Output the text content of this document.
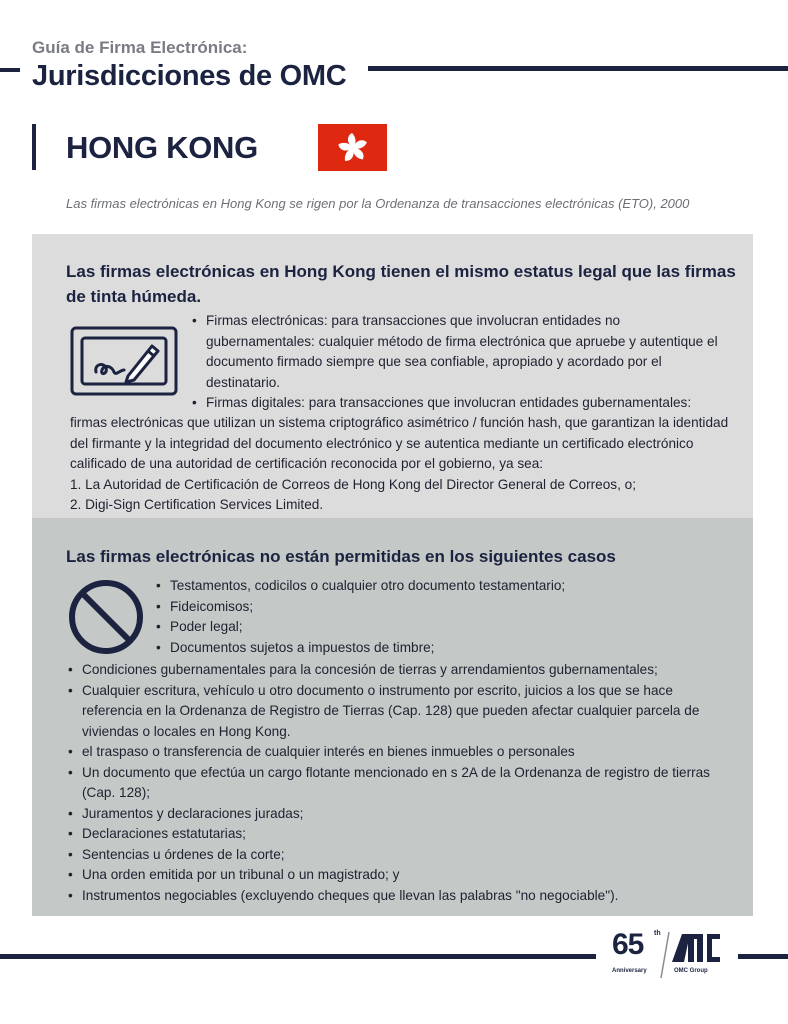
Guía de Firma Electrónica:
Jurisdicciones de OMC
HONG KONG
Las firmas electrónicas en Hong Kong se rigen por la Ordenanza de transacciones electrónicas (ETO), 2000
Las firmas electrónicas en Hong Kong tienen el mismo estatus legal que las firmas de tinta húmeda.
• Firmas electrónicas: para transacciones que involucran entidades no gubernamentales: cualquier método de firma electrónica que apruebe y autentique el documento firmado siempre que sea confiable, apropiado y acordado por el destinatario.
• Firmas digitales: para transacciones que involucran entidades gubernamentales:

firmas electrónicas que utilizan un sistema criptográfico asimétrico / función hash, que garantizan la identidad del firmante y la integridad del documento electrónico y se autentica mediante un certificado electrónico calificado de una autoridad de certificación reconocida por el gobierno, ya sea:

1. La Autoridad de Certificación de Correos de Hong Kong del Director General de Correos, o;
2. Digi-Sign Certification Services Limited.
Las firmas electrónicas no están permitidas en los siguientes casos
• Testamentos, codicilos o cualquier otro documento testamentario;
• Fideicomisos;
• Poder legal;
• Documentos sujetos a impuestos de timbre;
• Condiciones gubernamentales para la concesión de tierras y arrendamientos gubernamentales;
• Cualquier escritura, vehículo u otro documento o instrumento por escrito, juicios a los que se hace referencia en la Ordenanza de Registro de Tierras (Cap. 128) que pueden afectar cualquier parcela de viviendas o locales en Hong Kong.
• el traspaso o transferencia de cualquier interés en bienes inmuebles o personales
• Un documento que efectúa un cargo flotante mencionado en s 2A de la Ordenanza de registro de tierras (Cap. 128);
• Juramentos y declaraciones juradas;
• Declaraciones estatutarias;
• Sentencias u órdenes de la corte;
• Una orden emitida por un tribunal o un magistrado; y
• Instrumentos negociables (excluyendo cheques que llevan las palabras "no negociable").
65 th
Anniversary	OMC Group
